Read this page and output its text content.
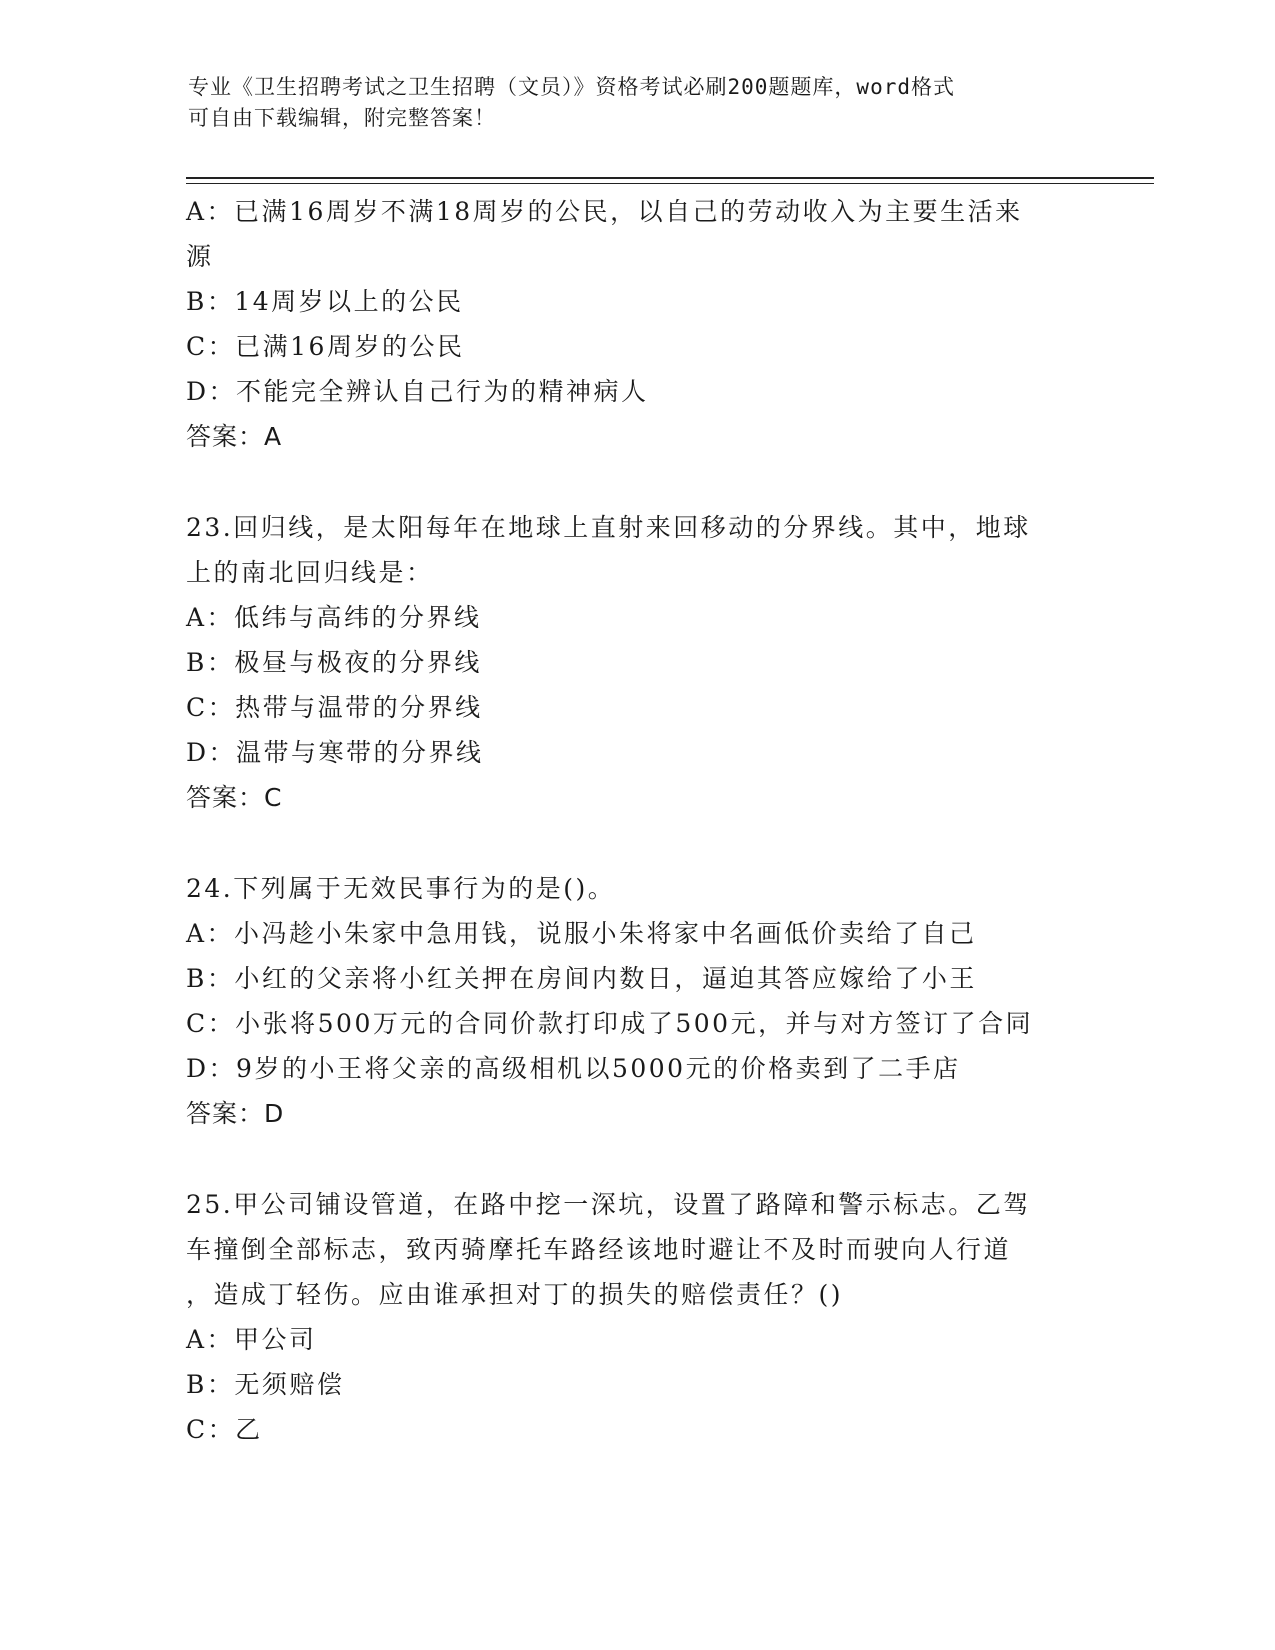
专业《卫生招聘考试之卫生招聘（文员）》资格考试必刷200题题库，word格式
可自由下载编辑，附完整答案！
A：已满16周岁不满18周岁的公民，以自己的劳动收入为主要生活来
源
B：14周岁以上的公民
C：已满16周岁的公民
D：不能完全辨认自己行为的精神病人
答案：A
23.回归线，是太阳每年在地球上直射来回移动的分界线。其中，地球
上的南北回归线是：
A：低纬与高纬的分界线
B：极昼与极夜的分界线
C：热带与温带的分界线
D：温带与寒带的分界线
答案：C
24.下列属于无效民事行为的是()。
A：小冯趁小朱家中急用钱，说服小朱将家中名画低价卖给了自己
B：小红的父亲将小红关押在房间内数日，逼迫其答应嫁给了小王
C：小张将500万元的合同价款打印成了500元，并与对方签订了合同
D：9岁的小王将父亲的高级相机以5000元的价格卖到了二手店
答案：D
25.甲公司铺设管道，在路中挖一深坑，设置了路障和警示标志。乙驾
车撞倒全部标志，致丙骑摩托车路经该地时避让不及时而驶向人行道
，造成丁轻伤。应由谁承担对丁的损失的赔偿责任？()
A：甲公司
B：无须赔偿
C：乙
